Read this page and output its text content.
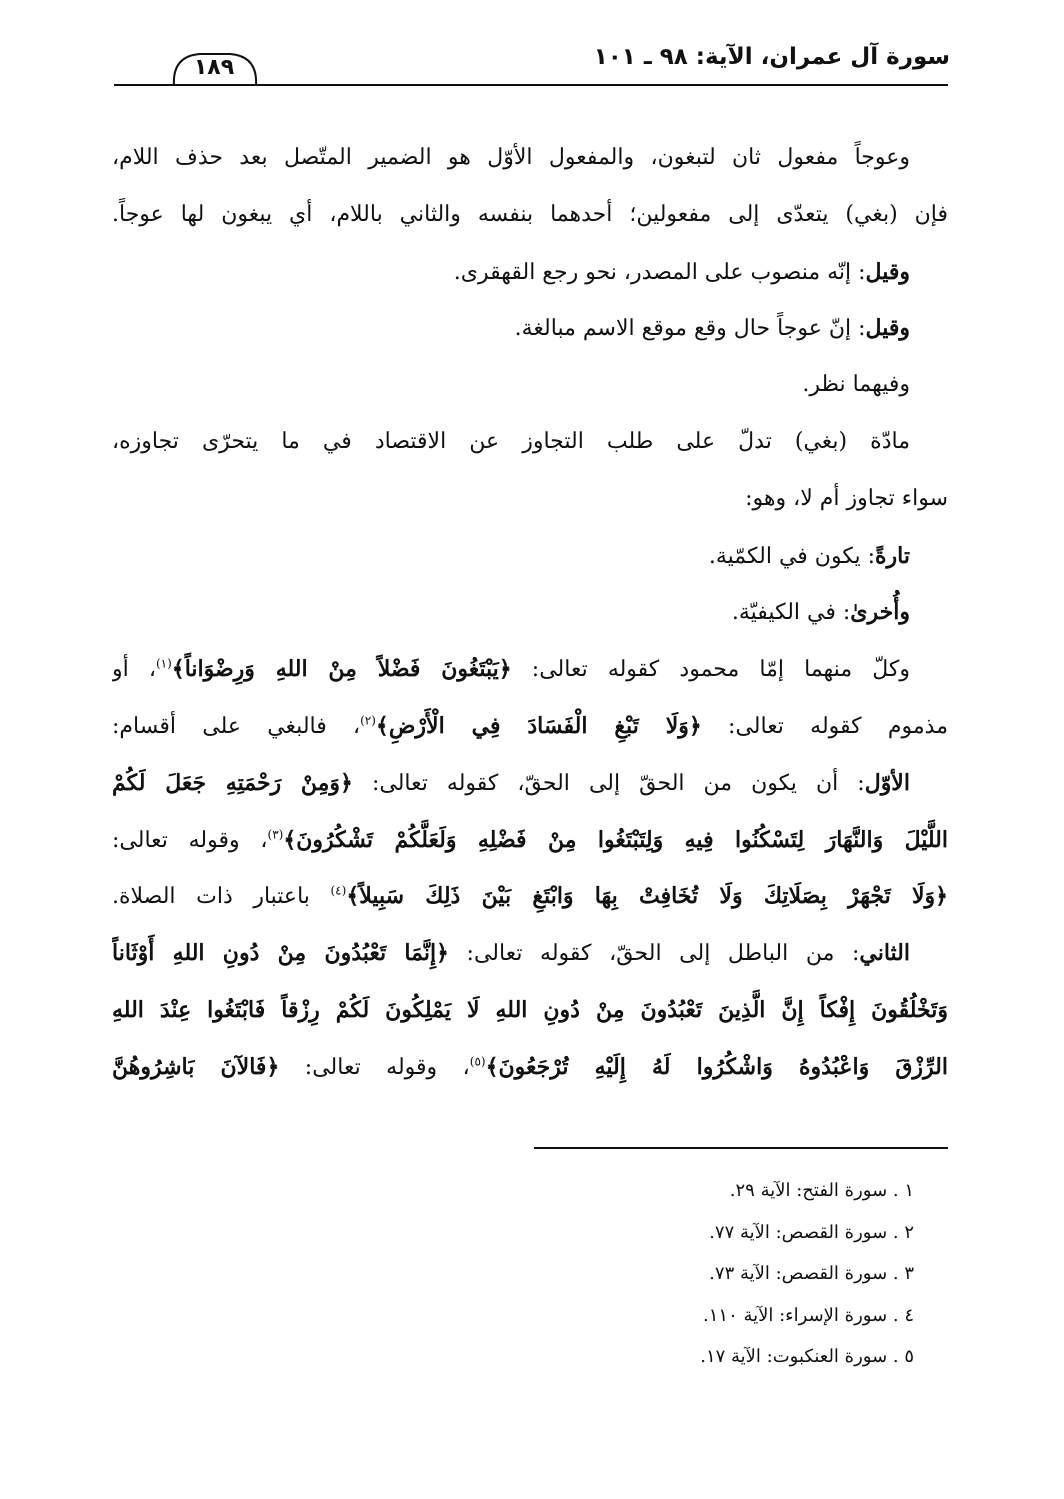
سورة آل عمران، الآية: ٩٨ ـ ١٠١
١٨٩
وعوجاً مفعول ثان لتبغون، والمفعول الأوّل هو الضمير المتّصل بعد حذف اللام،
فإن (بغي) يتعدّى إلى مفعولين؛ أحدهما بنفسه والثاني باللام، أي يبغون لها عوجاً.
وقيل: إنّه منصوب على المصدر، نحو رجع القهقرى.
وقيل: إنّ عوجاً حال وقع موقع الاسم مبالغة.
وفيهما نظر.
مادّة (بغي) تدلّ على طلب التجاوز عن الاقتصاد في ما يتحرّى تجاوزه،
سواء تجاوز أم لا، وهو:
تارةً: يكون في الكمّية.
وأُخرىٰ: في الكيفيّة.
وكلّ منهما إمّا محمود كقوله تعالى: ﴿يَبْتَغُونَ فَضْلاً مِنْ اللهِ وَرِضْوَاناً﴾$^{(١)}$، أو
مذموم كقوله تعالى: ﴿وَلَا تَبْغِ الْفَسَادَ فِي الْأَرْضِ﴾$^{(٢)}$، فالبغي على أقسام:
الأوّل: أن يكون من الحقّ إلى الحقّ، كقوله تعالى: ﴿وَمِنْ رَحْمَتِهِ جَعَلَ لَكُمْ
اللَّيْلَ وَالنَّهَارَ لِتَسْكُنُوا فِيهِ وَلِتَبْتَغُوا مِنْ فَضْلِهِ وَلَعَلَّكُمْ تَشْكُرُونَ﴾$^{(٣)}$، وقوله تعالى:
﴿وَلَا تَجْهَرْ بِصَلَاتِكَ وَلَا تُخَافِتْ بِهَا وَابْتَغِ بَيْنَ ذَلِكَ سَبِيلاً﴾$^{(٤)}$ باعتبار ذات الصلاة.
الثاني: من الباطل إلى الحقّ، كقوله تعالى: ﴿إِنَّمَا تَعْبُدُونَ مِنْ دُونِ اللهِ أَوْثَاناً
وَتَخْلُقُونَ إِفْكاً إِنَّ الَّذِينَ تَعْبُدُونَ مِنْ دُونِ اللهِ لَا يَمْلِكُونَ لَكُمْ رِزْقاً فَابْتَغُوا عِنْدَ اللهِ
الرِّزْقَ وَاعْبُدُوهُ وَاشْكُرُوا لَهُ إِلَيْهِ تُرْجَعُونَ﴾$^{(٥)}$، وقوله تعالى: ﴿فَالآنَ بَاشِرُوهُنَّ
١ . سورة الفتح: الآية ٢٩.
٢ . سورة القصص: الآية ٧٧.
٣ . سورة القصص: الآية ٧٣.
٤ . سورة الإسراء: الآية ١١٠.
٥ . سورة العنكبوت: الآية ١٧.
